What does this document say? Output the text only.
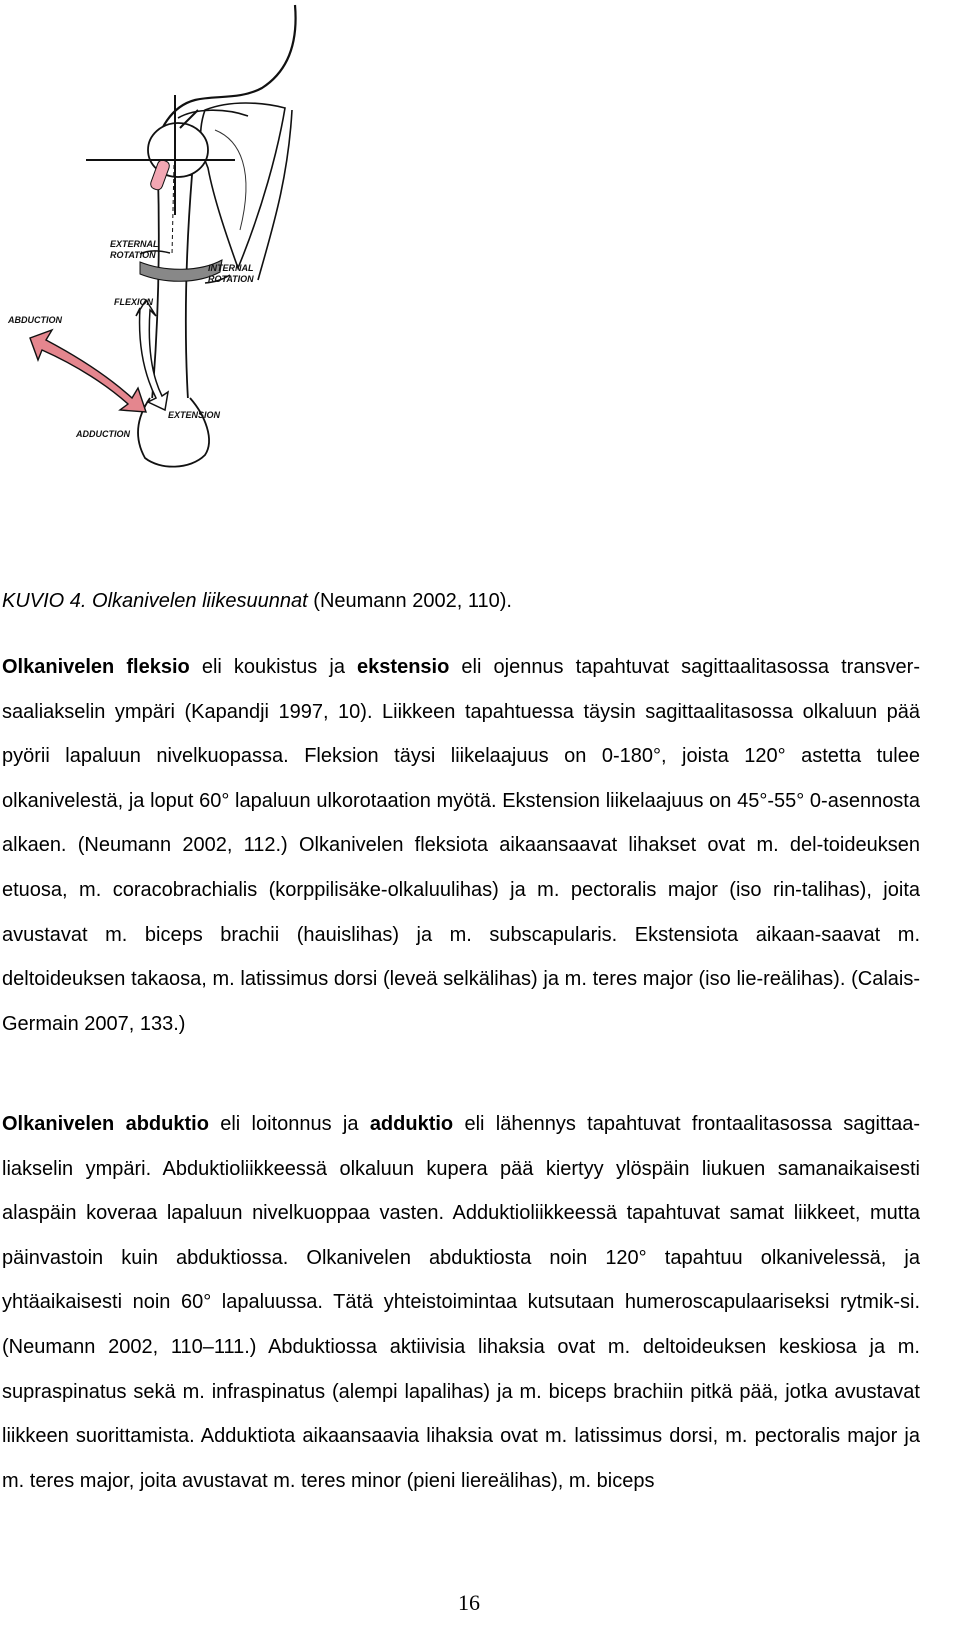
ABDUCTION
ADDUCTION
FLEXION
EXTENSION
EXTERNAL
ROTATION
INTERNAL
ROTATION
KUVIO 4. Olkanivelen liikesuunnat (Neumann 2002, 110).

Olkanivelen fleksio eli koukistus ja ekstensio eli ojennus tapahtuvat sagittaalitasossa transver-saaliakselin ympäri (Kapandji 1997, 10). Liikkeen tapahtuessa täysin sagittaalitasossa olkaluun pää pyörii lapaluun nivelkuopassa. Fleksion täysi liikelaajuus on 0-180°, joista 120° astetta tulee olkanivelestä, ja loput 60° lapaluun ulkorotaation myötä. Ekstension liikelaajuus on 45°-55° 0-asennosta alkaen. (Neumann 2002, 112.) Olkanivelen fleksiota aikaansaavat lihakset ovat m. del-toideuksen etuosa, m. coracobrachialis (korppilisäke-olkaluulihas) ja m. pectoralis major (iso rin-talihas), joita avustavat m. biceps brachii (hauislihas) ja m. subscapularis. Ekstensiota aikaan-saavat m. deltoideuksen takaosa, m. latissimus dorsi (leveä selkälihas) ja m. teres major (iso lie-reälihas). (Calais-Germain 2007, 133.)

Olkanivelen abduktio eli loitonnus ja adduktio eli lähennys tapahtuvat frontaalitasossa sagittaa-liakselin ympäri. Abduktioliikkeessä olkaluun kupera pää kiertyy ylöspäin liukuen samanaikaisesti alaspäin koveraa lapaluun nivelkuoppaa vasten. Adduktioliikkeessä tapahtuvat samat liikkeet, mutta päinvastoin kuin abduktiossa. Olkanivelen abduktiosta noin 120° tapahtuu olkanivelessä, ja yhtäaikaisesti noin 60° lapaluussa. Tätä yhteistoimintaa kutsutaan humeroscapulaariseksi rytmik-si. (Neumann 2002, 110–111.) Abduktiossa aktiivisia lihaksia ovat m. deltoideuksen keskiosa ja m. supraspinatus sekä m. infraspinatus (alempi lapalihas) ja m. biceps brachiin pitkä pää, jotka avustavat liikkeen suorittamista. Adduktiota aikaansaavia lihaksia ovat m. latissimus dorsi, m. pectoralis major ja m. teres major, joita avustavat m. teres minor (pieni liereälihas), m. biceps

16
